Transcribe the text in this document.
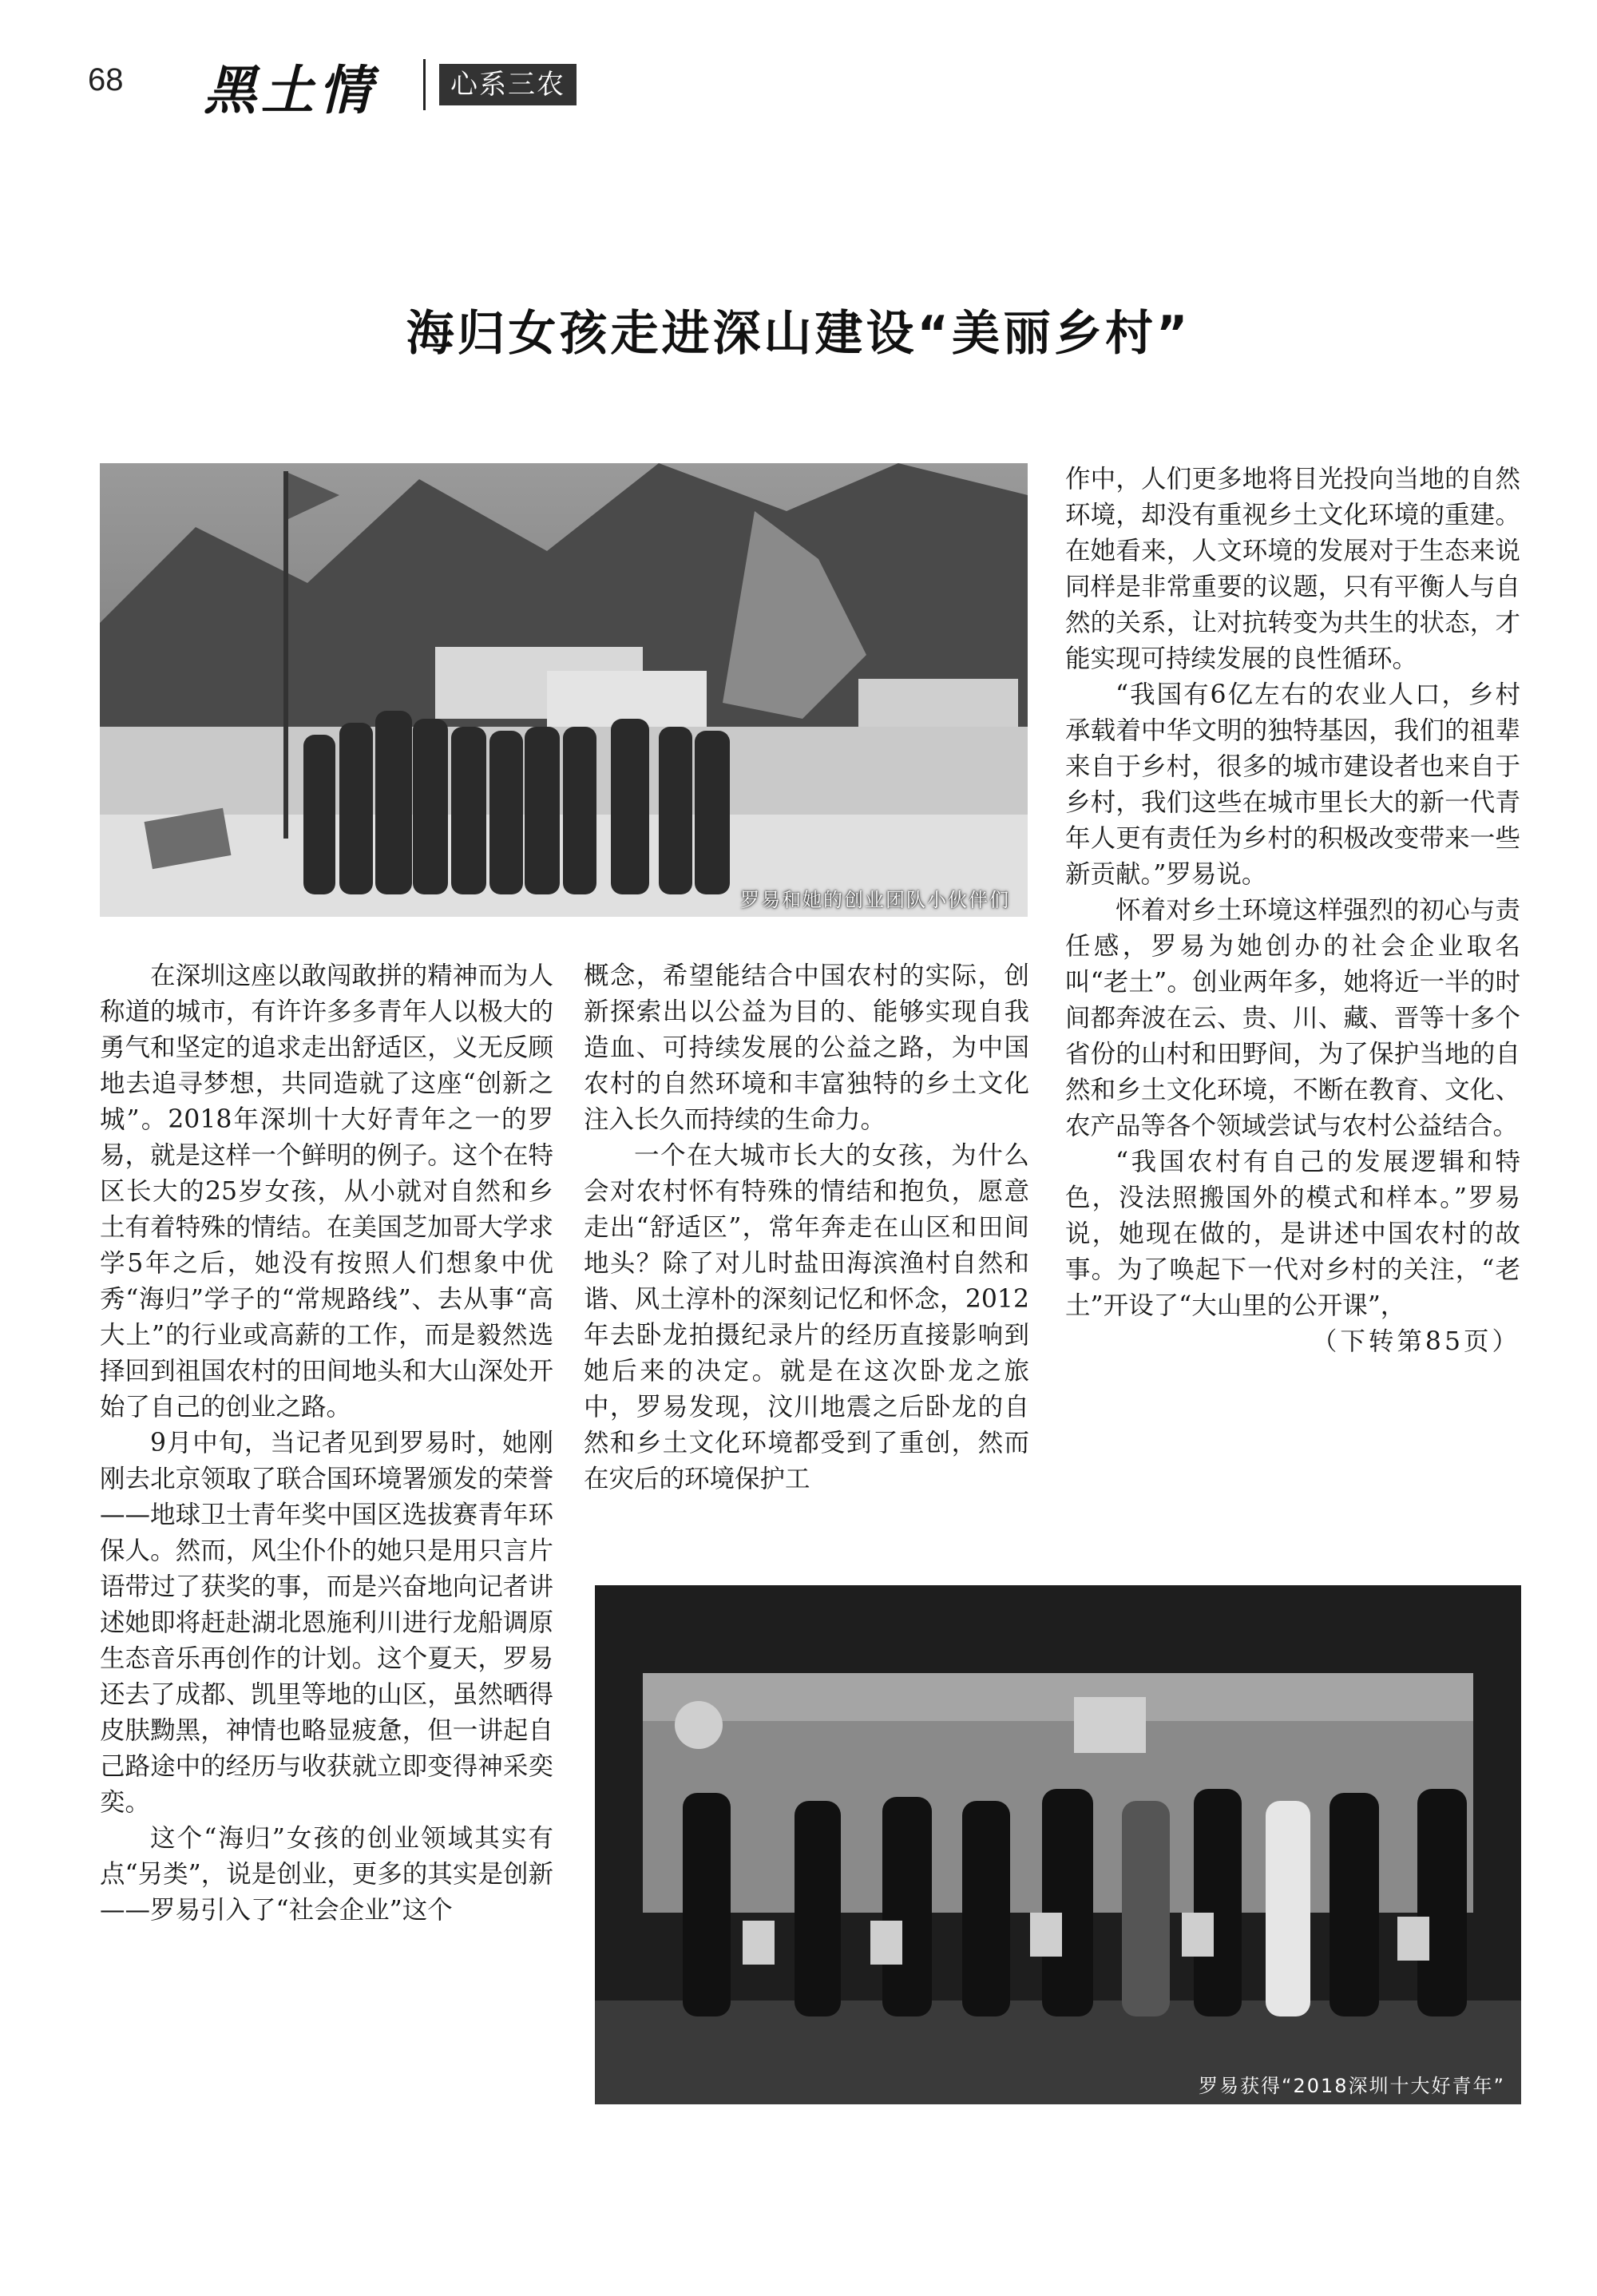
68 黑土情	心系三农
海归女孩走进深山建设“美丽乡村”
罗易和她的创业团队小伙伴们
罗易获得“2018深圳十大好青年”

在深圳这座以敢闯敢拼的精神而为人称道的城市，有许许多多青年人以极大的勇气和坚定的追求走出舒适区，义无反顾地去追寻梦想，共同造就了这座“创新之城”。2018年深圳十大好青年之一的罗易，就是这样一个鲜明的例子。这个在特区长大的25岁女孩，从小就对自然和乡土有着特殊的情结。在美国芝加哥大学求学5年之后，她没有按照人们想象中优秀“海归”学子的“常规路线”、去从事“高大上”的行业或高薪的工作，而是毅然选择回到祖国农村的田间地头和大山深处开始了自己的创业之路。

9月中旬，当记者见到罗易时，她刚刚去北京领取了联合国环境署颁发的荣誉——地球卫士青年奖中国区选拔赛青年环保人。然而，风尘仆仆的她只是用只言片语带过了获奖的事，而是兴奋地向记者讲述她即将赶赴湖北恩施利川进行龙船调原生态音乐再创作的计划。这个夏天，罗易还去了成都、凯里等地的山区，虽然晒得皮肤黝黑，神情也略显疲惫，但一讲起自己路途中的经历与收获就立即变得神采奕奕。

这个“海归”女孩的创业领域其实有点“另类”，说是创业，更多的其实是创新——罗易引入了“社会企业”这个

概念，希望能结合中国农村的实际，创新探索出以公益为目的、能够实现自我造血、可持续发展的公益之路，为中国农村的自然环境和丰富独特的乡土文化注入长久而持续的生命力。

一个在大城市长大的女孩，为什么会对农村怀有特殊的情结和抱负，愿意走出“舒适区”，常年奔走在山区和田间地头？除了对儿时盐田海滨渔村自然和谐、风土淳朴的深刻记忆和怀念，2012年去卧龙拍摄纪录片的经历直接影响到她后来的决定。就是在这次卧龙之旅中，罗易发现，汶川地震之后卧龙的自然和乡土文化环境都受到了重创，然而在灾后的环境保护工

作中，人们更多地将目光投向当地的自然环境，却没有重视乡土文化环境的重建。在她看来，人文环境的发展对于生态来说同样是非常重要的议题，只有平衡人与自然的关系，让对抗转变为共生的状态，才能实现可持续发展的良性循环。

“我国有6亿左右的农业人口，乡村承载着中华文明的独特基因，我们的祖辈来自于乡村，很多的城市建设者也来自于乡村，我们这些在城市里长大的新一代青年人更有责任为乡村的积极改变带来一些新贡献。”罗易说。

怀着对乡土环境这样强烈的初心与责任感，罗易为她创办的社会企业取名叫“老土”。创业两年多，她将近一半的时间都奔波在云、贵、川、藏、晋等十多个省份的山村和田野间，为了保护当地的自然和乡土文化环境，不断在教育、文化、农产品等各个领域尝试与农村公益结合。

“我国农村有自己的发展逻辑和特色，没法照搬国外的模式和样本。”罗易说，她现在做的，是讲述中国农村的故事。为了唤起下一代对乡村的关注，“老土”开设了“大山里的公开课”，
（下转第85页）
